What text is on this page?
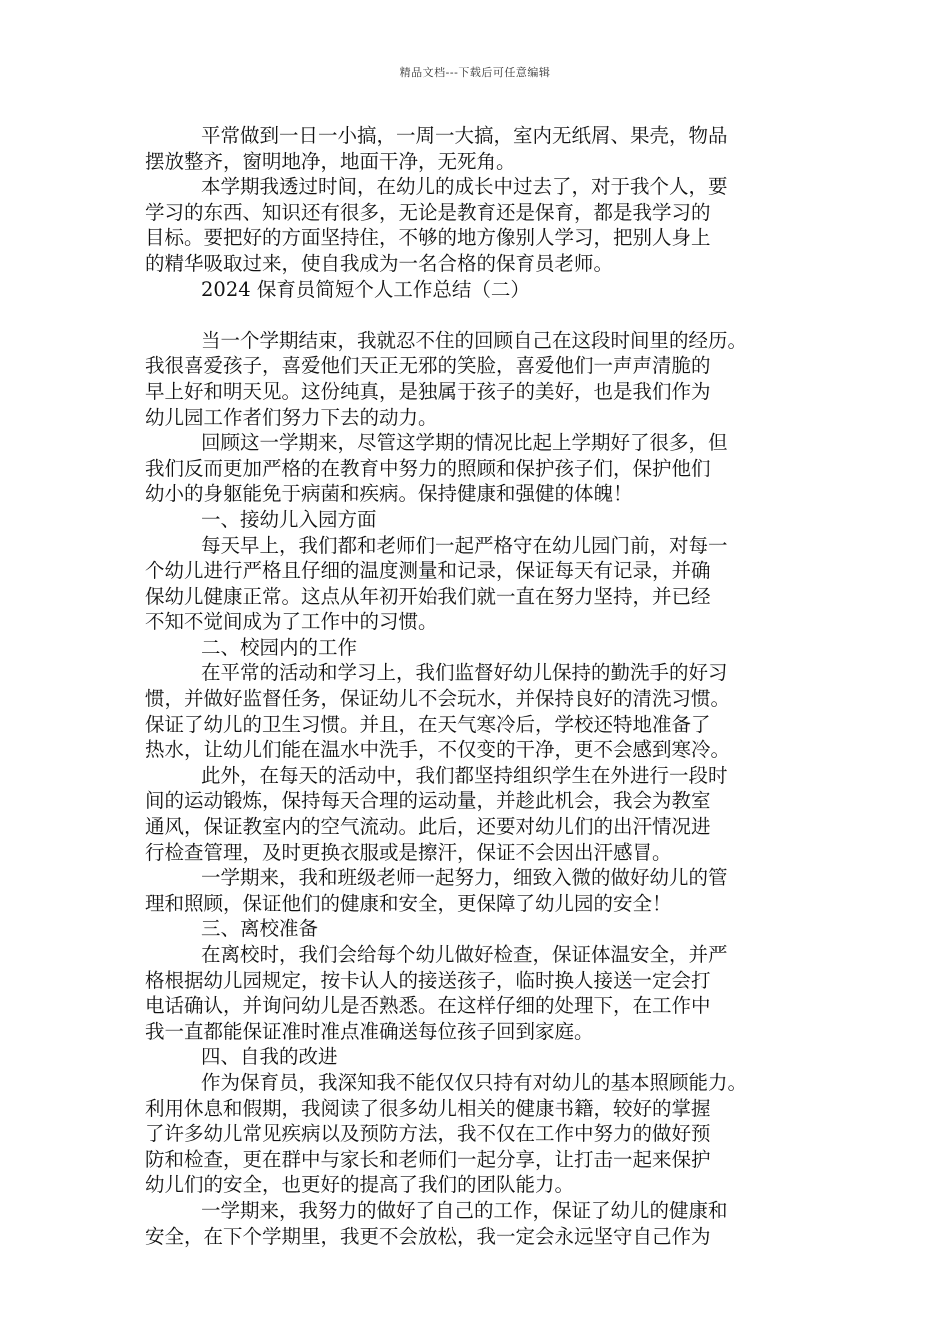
精品文档---下载后可任意编辑
平常做到一日一小搞，一周一大搞，室内无纸屑、果壳，物品
摆放整齐，窗明地净，地面干净，无死角。
本学期我透过时间，在幼儿的成长中过去了，对于我个人，要
学习的东西、知识还有很多，无论是教育还是保育，都是我学习的
目标。要把好的方面坚持住，不够的地方像别人学习，把别人身上
的精华吸取过来，使自我成为一名合格的保育员老师。
2024 保育员简短个人工作总结（二）
当一个学期结束，我就忍不住的回顾自己在这段时间里的经历。
我很喜爱孩子，喜爱他们天正无邪的笑脸，喜爱他们一声声清脆的
早上好和明天见。这份纯真，是独属于孩子的美好，也是我们作为
幼儿园工作者们努力下去的动力。
回顾这一学期来，尽管这学期的情况比起上学期好了很多，但
我们反而更加严格的在教育中努力的照顾和保护孩子们，保护他们
幼小的身躯能免于病菌和疾病。保持健康和强健的体魄！
一、接幼儿入园方面
每天早上，我们都和老师们一起严格守在幼儿园门前，对每一
个幼儿进行严格且仔细的温度测量和记录，保证每天有记录，并确
保幼儿健康正常。这点从年初开始我们就一直在努力坚持，并已经
不知不觉间成为了工作中的习惯。
二、校园内的工作
在平常的活动和学习上，我们监督好幼儿保持的勤洗手的好习
惯，并做好监督任务，保证幼儿不会玩水，并保持良好的清洗习惯。
保证了幼儿的卫生习惯。并且，在天气寒冷后，学校还特地准备了
热水，让幼儿们能在温水中洗手，不仅变的干净，更不会感到寒冷。
此外，在每天的活动中，我们都坚持组织学生在外进行一段时
间的运动锻炼，保持每天合理的运动量，并趁此机会，我会为教室
通风，保证教室内的空气流动。此后，还要对幼儿们的出汗情况进
行检查管理，及时更换衣服或是擦汗，保证不会因出汗感冒。
一学期来，我和班级老师一起努力，细致入微的做好幼儿的管
理和照顾，保证他们的健康和安全，更保障了幼儿园的安全！
三、离校准备
在离校时，我们会给每个幼儿做好检查，保证体温安全，并严
格根据幼儿园规定，按卡认人的接送孩子，临时换人接送一定会打
电话确认，并询问幼儿是否熟悉。在这样仔细的处理下，在工作中
我一直都能保证准时准点准确送每位孩子回到家庭。
四、自我的改进
作为保育员，我深知我不能仅仅只持有对幼儿的基本照顾能力。
利用休息和假期，我阅读了很多幼儿相关的健康书籍，较好的掌握
了许多幼儿常见疾病以及预防方法，我不仅在工作中努力的做好预
防和检查，更在群中与家长和老师们一起分享，让打击一起来保护
幼儿们的安全，也更好的提高了我们的团队能力。
一学期来，我努力的做好了自己的工作，保证了幼儿的健康和
安全，在下个学期里，我更不会放松，我一定会永远坚守自己作为
